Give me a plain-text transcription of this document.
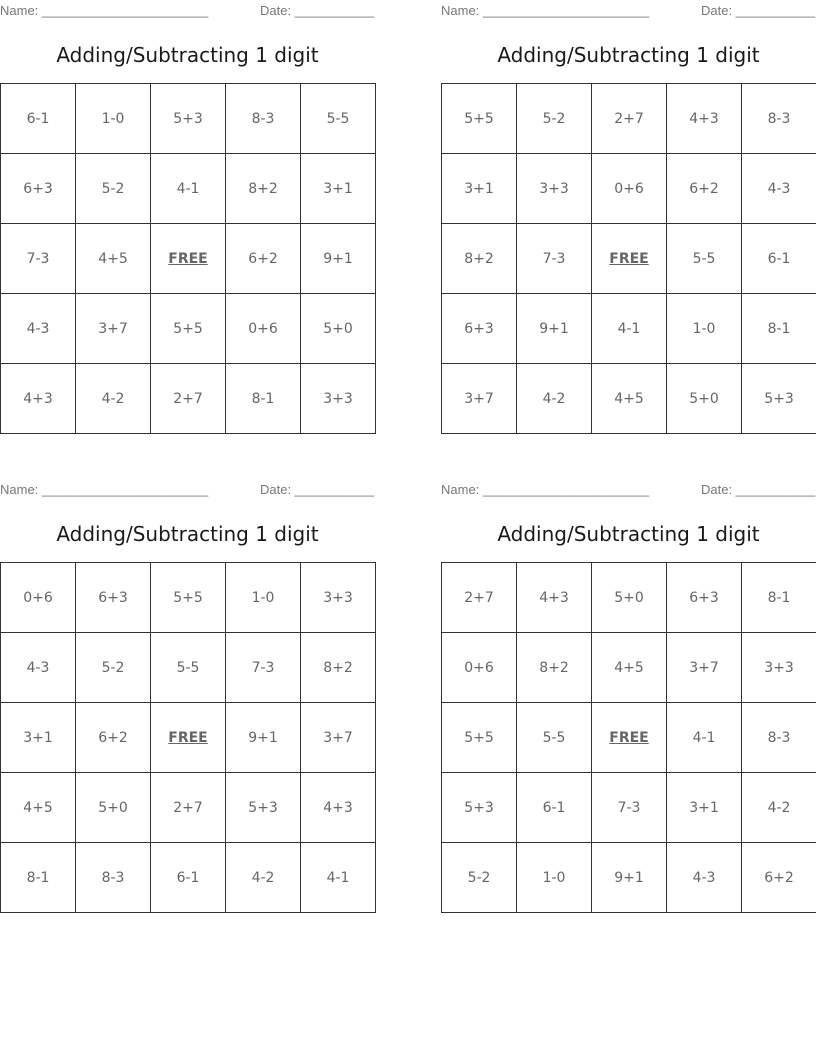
Name: _______________________	Date: ___________
Adding/Subtracting 1 digit
6-1	1-0	5+3	8-3	5-5
6+3	5-2	4-1	8+2	3+1
7-3	4+5	FREE	6+2	9+1
4-3	3+7	5+5	0+6	5+0
4+3	4-2	2+7	8-1	3+3
Name: _______________________	Date: ___________
Adding/Subtracting 1 digit
5+5	5-2	2+7	4+3	8-3
3+1	3+3	0+6	6+2	4-3
8+2	7-3	FREE	5-5	6-1
6+3	9+1	4-1	1-0	8-1
3+7	4-2	4+5	5+0	5+3
Name: _______________________	Date: ___________
Adding/Subtracting 1 digit
0+6	6+3	5+5	1-0	3+3
4-3	5-2	5-5	7-3	8+2
3+1	6+2	FREE	9+1	3+7
4+5	5+0	2+7	5+3	4+3
8-1	8-3	6-1	4-2	4-1
Name: _______________________	Date: ___________
Adding/Subtracting 1 digit
2+7	4+3	5+0	6+3	8-1
0+6	8+2	4+5	3+7	3+3
5+5	5-5	FREE	4-1	8-3
5+3	6-1	7-3	3+1	4-2
5-2	1-0	9+1	4-3	6+2
